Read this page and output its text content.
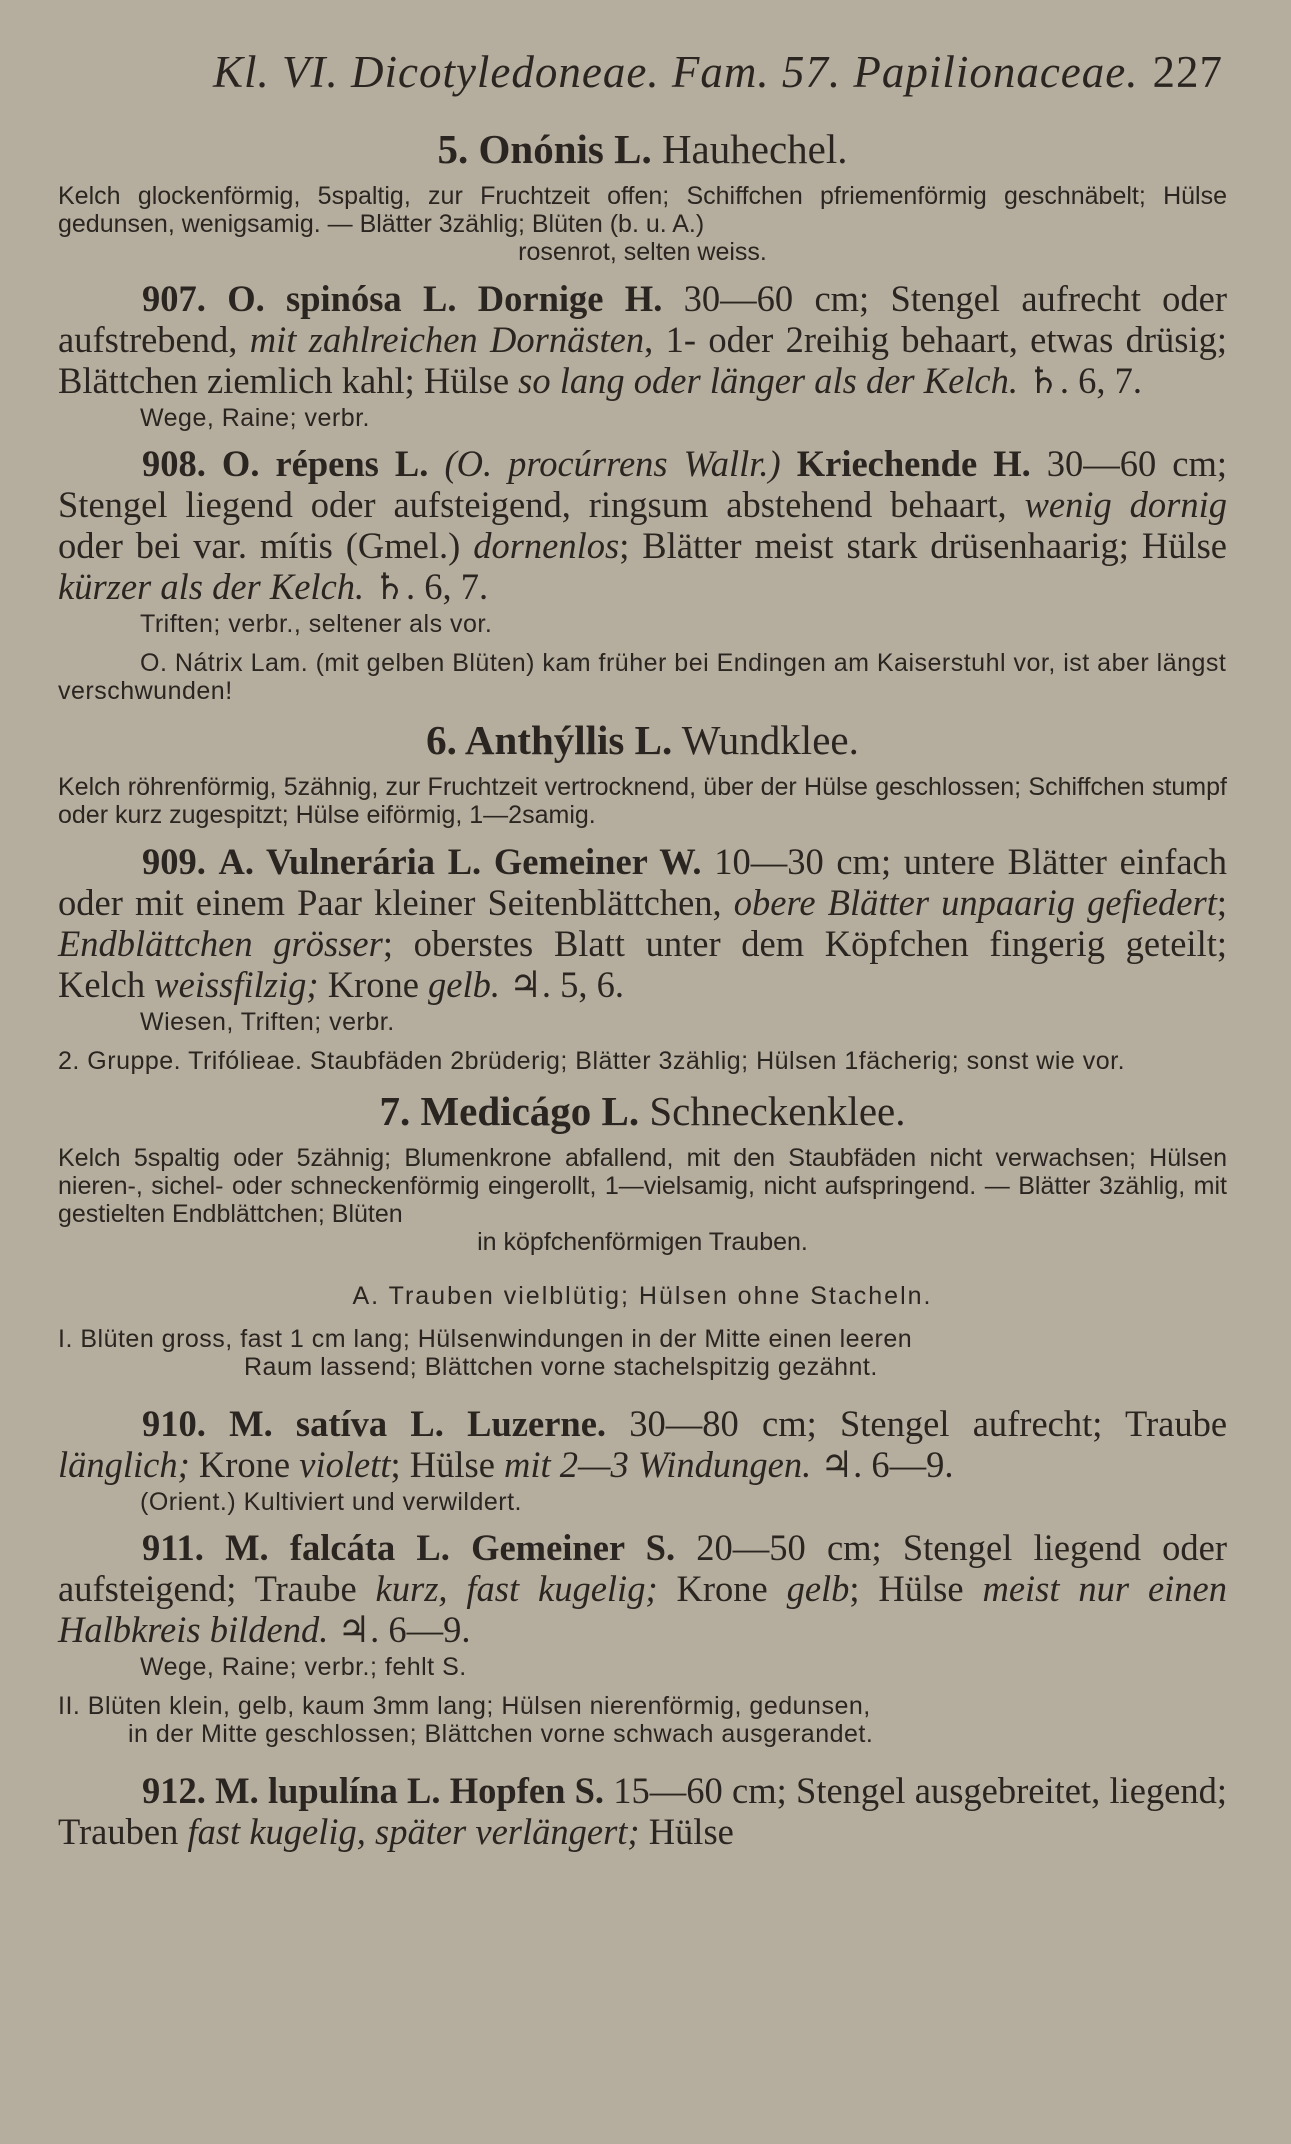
Kl. VI. Dicotyledoneae. Fam. 57. Papilionaceae. 227
5. Onónis L. Hauhechel.
Kelch glockenförmig, 5spaltig, zur Fruchtzeit offen; Schiffchen pfriemenförmig geschnäbelt; Hülse gedunsen, wenigsamig. — Blätter 3zählig; Blüten (b. u. A.)
rosenrot, selten weiss.

907. O. spinósa L. Dornige H. 30—60 cm; Stengel aufrecht oder aufstrebend, mit zahlreichen Dornästen, 1- oder 2reihig behaart, etwas drüsig; Blättchen ziemlich kahl; Hülse so lang oder länger als der Kelch. ♄. 6, 7.

Wege, Raine; verbr.

908. O. répens L. (O. procúrrens Wallr.) Kriechende H. 30—60 cm; Stengel liegend oder aufsteigend, ringsum abstehend behaart, wenig dornig oder bei var. mítis (Gmel.) dornenlos; Blätter meist stark drüsenhaarig; Hülse kürzer als der Kelch. ♄. 6, 7.

Triften; verbr., seltener als vor.
O. Nátrix Lam. (mit gelben Blüten) kam früher bei Endingen am Kaiserstuhl vor, ist aber längst verschwunden!
6. Anthýllis L. Wundklee.
Kelch röhrenförmig, 5zähnig, zur Fruchtzeit vertrocknend, über der Hülse geschlossen; Schiffchen stumpf oder kurz zugespitzt; Hülse eiförmig, 1—2samig.

909. A. Vulnerária L. Gemeiner W. 10—30 cm; untere Blätter einfach oder mit einem Paar kleiner Seitenblättchen, obere Blätter unpaarig gefiedert; Endblättchen grösser; oberstes Blatt unter dem Köpfchen fingerig geteilt; Kelch weissfilzig; Krone gelb. ♃. 5, 6.

Wiesen, Triften; verbr.
2. Gruppe. Trifólieae. Staubfäden 2brüderig; Blätter 3zählig; Hülsen 1fächerig; sonst wie vor.
7. Medicágo L. Schneckenklee.
Kelch 5spaltig oder 5zähnig; Blumenkrone abfallend, mit den Staubfäden nicht verwachsen; Hülsen nieren-, sichel- oder schneckenförmig eingerollt, 1—vielsamig, nicht aufspringend. — Blätter 3zählig, mit gestielten Endblättchen; Blüten
in köpfchenförmigen Trauben.
A. Trauben vielblütig; Hülsen ohne Stacheln.
I. Blüten gross, fast 1 cm lang; Hülsenwindungen in der Mitte einen leeren
Raum lassend; Blättchen vorne stachelspitzig gezähnt.

910. M. satíva L. Luzerne. 30—80 cm; Stengel aufrecht; Traube länglich; Krone violett; Hülse mit 2—3 Windungen. ♃. 6—9.

(Orient.) Kultiviert und verwildert.

911. M. falcáta L. Gemeiner S. 20—50 cm; Stengel liegend oder aufsteigend; Traube kurz, fast kugelig; Krone gelb; Hülse meist nur einen Halbkreis bildend. ♃. 6—9.

Wege, Raine; verbr.; fehlt S.
II. Blüten klein, gelb, kaum 3mm lang; Hülsen nierenförmig, gedunsen,
in der Mitte geschlossen; Blättchen vorne schwach ausgerandet.

912. M. lupulína L. Hopfen S. 15—60 cm; Stengel ausgebreitet, liegend; Trauben fast kugelig, später verlängert; Hülse
